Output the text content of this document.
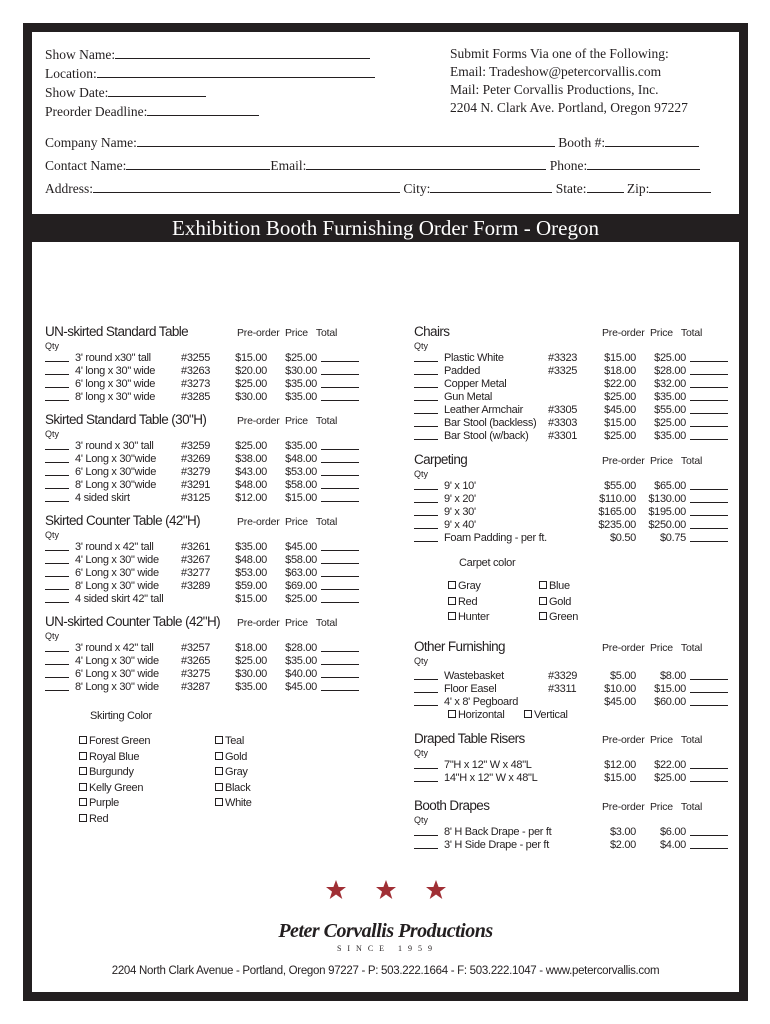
Show Name:
Location:
Show Date:
Preorder Deadline:
Submit Forms Via one of the Following:
Email: Tradeshow@petercorvallis.com
Mail: Peter Corvallis Productions, Inc.
2204 N. Clark Ave. Portland, Oregon 97227
Company Name:	Booth #:
Contact Name:	Email:	Phone:
Address:	City:	State:	Zip:
Exhibition Booth Furnishing Order Form - Oregon
UN-skirted Standard Table	Pre-order Price Total
Qty
3' round x30" tall	#3255	$15.00	$25.00
4' long x 30" wide #3263	$20.00	$30.00
6' long x 30" wide #3273	$25.00	$35.00
8' long x 30" wide #3285	$30.00	$35.00
Skirted Standard Table (30"H)	Pre-order Price Total
Qty
3' round x 30" tall #3259	$25.00	$35.00
4' Long x 30"wide #3269	$38.00	$48.00
6' Long x 30"wide #3279	$43.00	$53.00
8' Long x 30"wide #3291	$48.00	$58.00
4 sided skirt	#3125	$12.00	$15.00
Skirted Counter Table (42"H)	Pre-order Price Total
Qty
3' round x 42" tall #3261	$35.00	$45.00
4' Long x 30" wide #3267	$48.00	$58.00
6' Long x 30" wide #3277	$53.00	$63.00
8' Long x 30" wide #3289	$59.00	$69.00
4 sided skirt 42" tall	$15.00	$25.00
UN-skirted Counter Table (42"H) Pre-order Price Total
Qty
3' round x 42" tall #3257	$18.00	$28.00
4' Long x 30" wide #3265	$25.00	$35.00
6' Long x 30" wide #3275	$30.00	$40.00
8' Long x 30" wide #3287	$35.00	$45.00
Skirting Color
Forest Green	Teal
Royal Blue	Gold
Burgundy	Gray
Kelly Green	Black
Purple	White
Red
Chairs	Pre-order Price Total
Qty
Plastic White	#3323	$15.00	$25.00
Padded	#3325	$18.00	$28.00
Copper Metal	$22.00	$32.00
Gun Metal	$25.00	$35.00
Leather Armchair #3305	$45.00	$55.00
Bar Stool (backless) #3303	$15.00	$25.00
Bar Stool (w/back) #3301	$25.00	$35.00
Carpeting	Pre-order Price Total
Qty
9' x 10'	$55.00	$65.00
9' x 20'	$110.00	$130.00
9' x 30'	$165.00	$195.00
9' x 40'	$235.00	$250.00
Foam Padding - per ft.	$0.50	$0.75
Carpet color
Gray	Blue
Red	Gold
Hunter	Green
Other Furnishing	Pre-order Price Total
Qty
Wastebasket	#3329	$5.00	$8.00
Floor Easel	#3311	$10.00	$15.00
4' x 8' Pegboard	$45.00	$60.00
Horizontal	Vertical
Draped Table Risers	Pre-order Price Total
Qty
7"H x 12" W x 48"L	$12.00	$22.00
14"H x 12" W x 48"L	$15.00	$25.00
Booth Drapes	Pre-order Price Total
Qty
8' H Back Drape - per ft	$3.00	$6.00
3' H Side Drape - per ft	$2.00	$4.00
Peter Corvallis Productions
S I N C E   1 9 5 9
2204 North Clark Avenue - Portland, Oregon 97227 - P: 503.222.1664 - F: 503.222.1047 - www.petercorvallis.com
